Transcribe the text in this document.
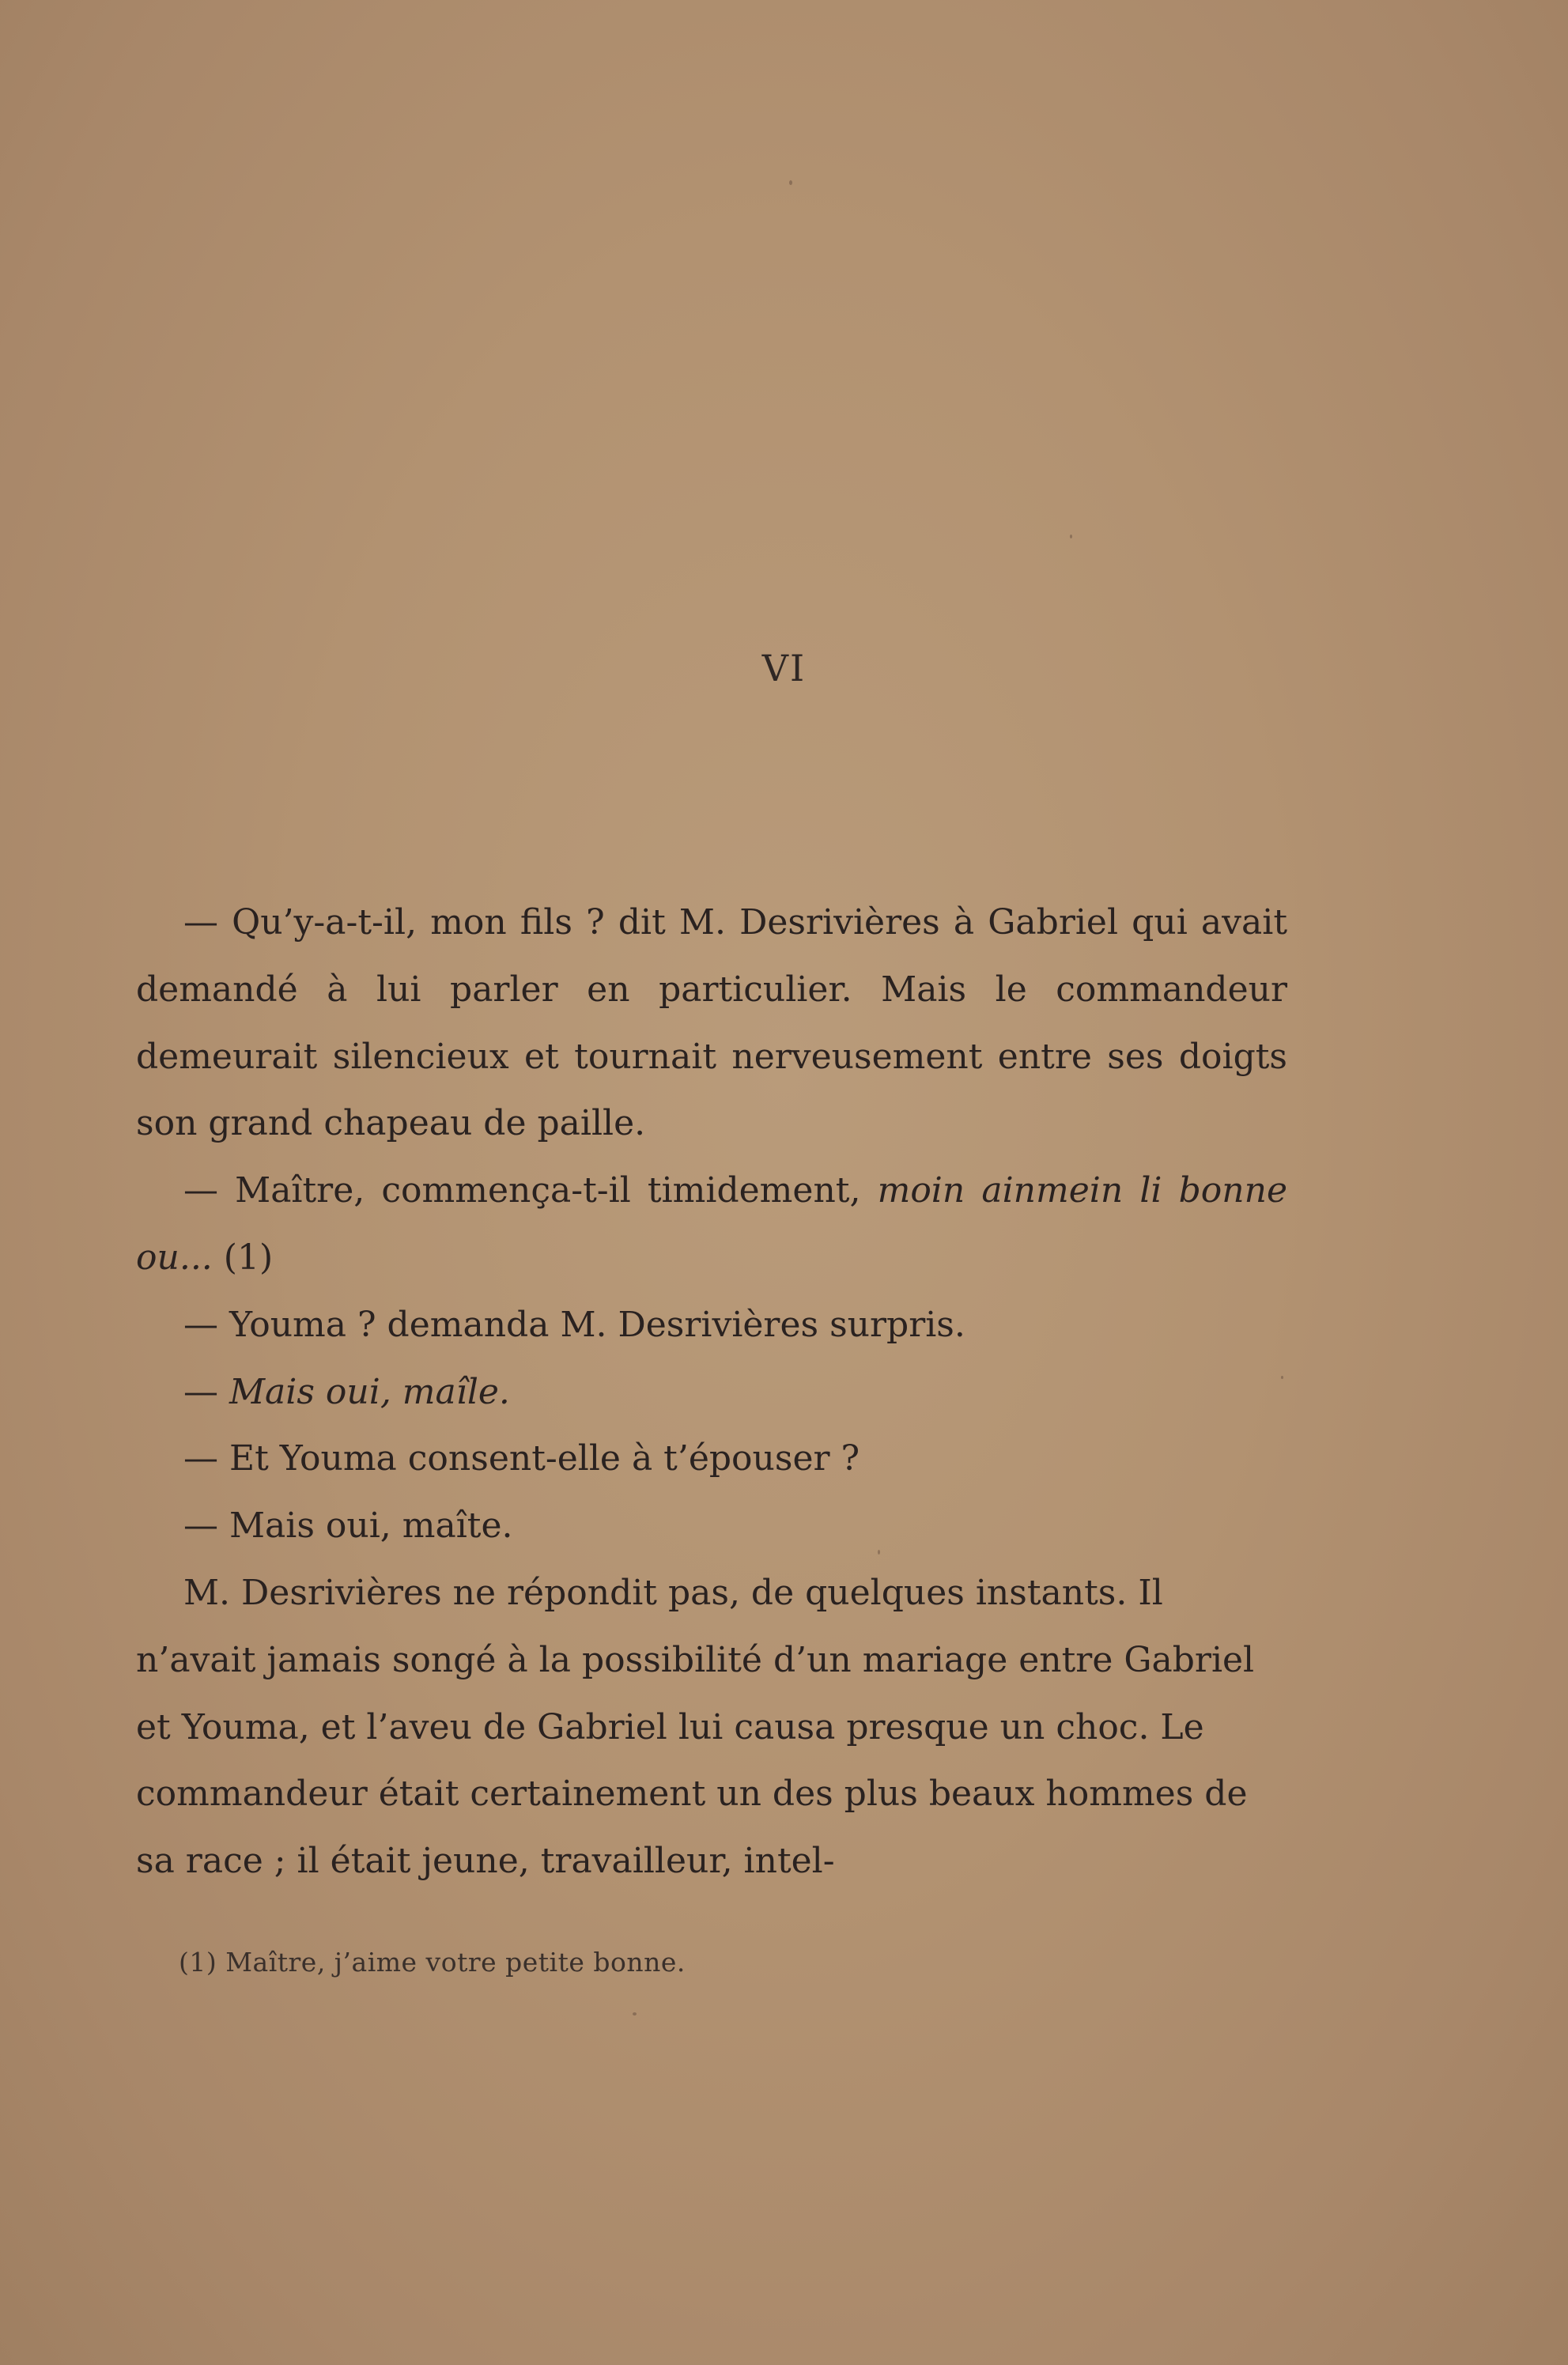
VI

— Qu’y-a-t-il, mon fils ? dit M. Desrivières à Gabriel qui avait demandé à lui parler en particulier. Mais le commandeur demeurait silencieux et tournait nerveusement entre ses doigts son grand chapeau de paille.

— Maître, commença-t-il timidement, moin ainmein li bonne ou... (1)

— Youma ? demanda M. Desrivières surpris.

— Mais oui, maîle.

— Et Youma consent-elle à t’épouser ?

— Mais oui, maîte.

M. Desrivières ne répondit pas, de quelques instants. Il n’avait jamais songé à la possibilité d’un mariage entre Gabriel et Youma, et l’aveu de Gabriel lui causa presque un choc. Le commandeur était certainement un des plus beaux hommes de sa race ; il était jeune, travailleur, intel-

(1) Maître, j’aime votre petite bonne.
